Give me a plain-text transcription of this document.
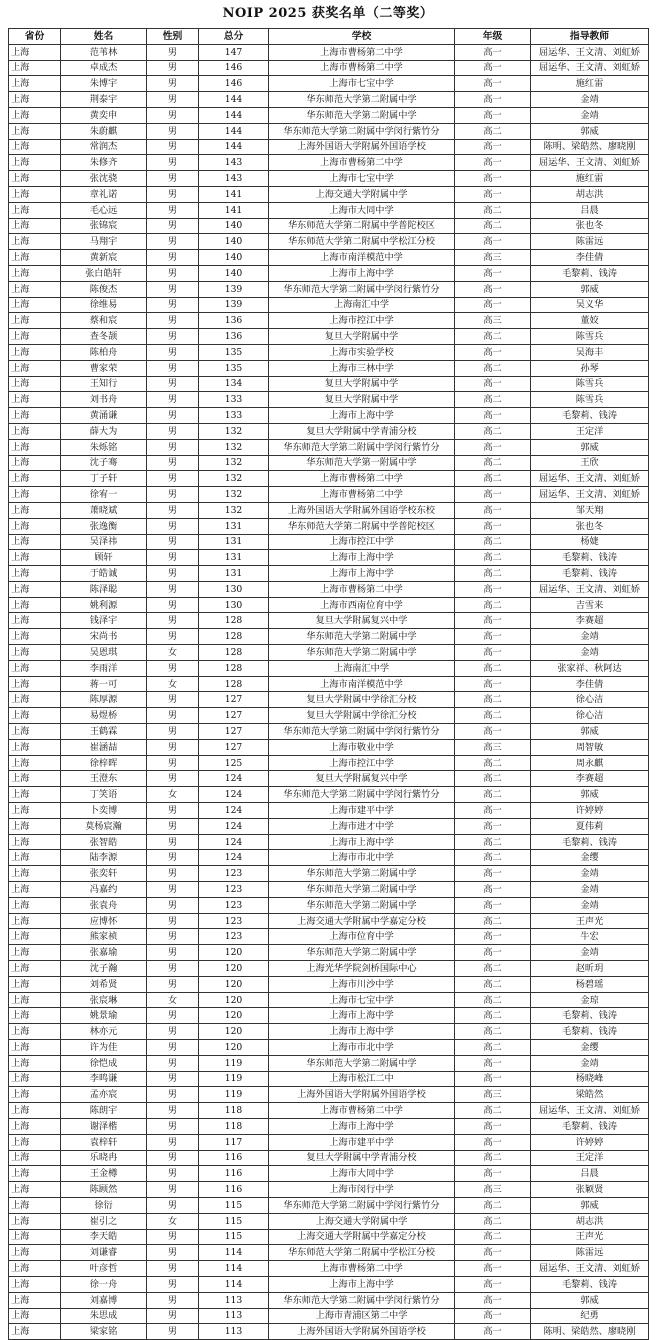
NOIP 2025 获奖名单（二等奖）
省份	姓名	性别	总分	学校	年级	指导教师
上海	范苇林	男	147	上海市曹杨第二中学	高一	屈运华、王文清、刘虹娇
上海	卓成杰	男	146	上海市曹杨第二中学	高一	屈运华、王文清、刘虹娇
上海	朱博宇	男	146	上海市七宝中学	高一	施红雷
上海	荆泰宇	男	144	华东师范大学第二附属中学	高一	金靖
上海	黄奕申	男	144	华东师范大学第二附属中学	高一	金靖
上海	朱蔚麒	男	144	华东师范大学第二附属中学闵行紫竹分	高二	郭威
上海	常润杰	男	144	上海外国语大学附属外国语学校	高一	陈明、梁皓然、廖晓刚
上海	朱修齐	男	143	上海市曹杨第二中学	高一	屈运华、王文清、刘虹娇
上海	张沈骁	男	143	上海市七宝中学	高一	施红雷
上海	章礼诺	男	141	上海交通大学附属中学	高一	胡志洪
上海	毛心远	男	141	上海市大同中学	高二	吕晨
上海	张锦宸	男	140	华东师范大学第二附属中学普陀校区	高二	张也冬
上海	马翔宇	男	140	华东师范大学第二附属中学松江分校	高一	陈雷远
上海	黄新宸	男	140	上海市南洋模范中学	高三	李佳倩
上海	张白皓轩	男	140	上海市上海中学	高一	毛黎莉、钱涛
上海	陈俊杰	男	139	华东师范大学第二附属中学闵行紫竹分	高一	郭威
上海	徐维易	男	139	上海南汇中学	高一	吴义华
上海	蔡和宸	男	136	上海市控江中学	高三	董姣
上海	查冬颉	男	136	复旦大学附属中学	高二	陈雪兵
上海	陈柏舟	男	135	上海市实验学校	高一	吴海丰
上海	曹家荣	男	135	上海市三林中学	高二	孙琴
上海	王知行	男	134	复旦大学附属中学	高一	陈雪兵
上海	刘书舟	男	133	复旦大学附属中学	高二	陈雪兵
上海	黄涌谦	男	133	上海市上海中学	高一	毛黎莉、钱涛
上海	薛大为	男	132	复旦大学附属中学青浦分校	高二	王定洋
上海	朱烁铭	男	132	华东师范大学第二附属中学闵行紫竹分	高一	郭威
上海	沈子骞	男	132	华东师范大学第一附属中学	高二	王欣
上海	丁子轩	男	132	上海市曹杨第二中学	高二	屈运华、王文清、刘虹娇
上海	徐宥一	男	132	上海市曹杨第二中学	高一	屈运华、王文清、刘虹娇
上海	萧晓斌	男	132	上海外国语大学附属外国语学校东校	高一	邹天翔
上海	张逸衡	男	131	华东师范大学第二附属中学普陀校区	高一	张也冬
上海	吴泽祎	男	131	上海市控江中学	高二	杨婕
上海	顾轩	男	131	上海市上海中学	高二	毛黎莉、钱涛
上海	于皓诚	男	131	上海市上海中学	高二	毛黎莉、钱涛
上海	陈泽聪	男	130	上海市曹杨第二中学	高一	屈运华、王文清、刘虹娇
上海	姚利源	男	130	上海市西南位育中学	高二	吉雪来
上海	钱泽宇	男	128	复旦大学附属复兴中学	高一	李赛超
上海	宋尚书	男	128	华东师范大学第二附属中学	高一	金靖
上海	吴恩琪	女	128	华东师范大学第二附属中学	高一	金靖
上海	李雨洋	男	128	上海南汇中学	高二	张家祥、秋阿达
上海	蒋一可	女	128	上海市南洋模范中学	高一	李佳倩
上海	陈厚源	男	127	复旦大学附属中学徐汇分校	高二	徐心洁
上海	易煜桥	男	127	复旦大学附属中学徐汇分校	高二	徐心洁
上海	王鹤霖	男	127	华东师范大学第二附属中学闵行紫竹分	高一	郭威
上海	崔涵喆	男	127	上海市敬业中学	高三	周智敏
上海	徐梓晖	男	125	上海市控江中学	高二	周永麒
上海	王澄东	男	124	复旦大学附属复兴中学	高二	李赛超
上海	丁笑语	女	124	华东师范大学第二附属中学闵行紫竹分	高二	郭威
上海	卜奕博	男	124	上海市建平中学	高一	许婷婷
上海	莫杨宸瀚	男	124	上海市进才中学	高一	夏伟莉
上海	张智皓	男	124	上海市上海中学	高二	毛黎莉、钱涛
上海	陆李源	男	124	上海市市北中学	高二	金缨
上海	张奕轩	男	123	华东师范大学第二附属中学	高一	金靖
上海	冯嘉约	男	123	华东师范大学第二附属中学	高一	金靖
上海	张袁舟	男	123	华东师范大学第二附属中学	高一	金靖
上海	应博怀	男	123	上海交通大学附属中学嘉定分校	高二	王声光
上海	熊家祯	男	123	上海市位育中学	高一	牛宏
上海	张嘉瑜	男	120	华东师范大学第二附属中学	高一	金靖
上海	沈子瀚	男	120	上海光华学院剑桥国际中心	高二	赵昕玥
上海	刘希贤	男	120	上海市川沙中学	高二	杨碧瑶
上海	张宸琳	女	120	上海市七宝中学	高二	金琼
上海	姚景瑜	男	120	上海市上海中学	高二	毛黎莉、钱涛
上海	林亦元	男	120	上海市上海中学	高二	毛黎莉、钱涛
上海	许为佳	男	120	上海市市北中学	高二	金缨
上海	徐恺成	男	119	华东师范大学第二附属中学	高一	金靖
上海	李鸣谦	男	119	上海市松江二中	高一	杨晓峰
上海	孟亦宸	男	119	上海外国语大学附属外国语学校	高三	梁皓然
上海	陈朗宇	男	118	上海市曹杨第二中学	高二	屈运华、王文清、刘虹娇
上海	谢泽楷	男	118	上海市上海中学	高一	毛黎莉、钱涛
上海	袁梓轩	男	117	上海市建平中学	高一	许婷婷
上海	乐晓冉	男	116	复旦大学附属中学青浦分校	高二	王定洋
上海	王金樽	男	116	上海市大同中学	高一	吕晨
上海	陈顾然	男	116	上海市闵行中学	高三	张颖贤
上海	徐衍	男	115	华东师范大学第二附属中学闵行紫竹分	高二	郭威
上海	崔引之	女	115	上海交通大学附属中学	高二	胡志洪
上海	李天皓	男	115	上海交通大学附属中学嘉定分校	高二	王声光
上海	刘谦睿	男	114	华东师范大学第二附属中学松江分校	高一	陈雷远
上海	叶彦哲	男	114	上海市曹杨第二中学	高一	屈运华、王文清、刘虹娇
上海	徐一舟	男	114	上海市上海中学	高一	毛黎莉、钱涛
上海	刘嘉博	男	113	华东师范大学第二附属中学闵行紫竹分	高一	郭威
上海	朱思成	男	113	上海市青浦区第二中学	高一	纪勇
上海	梁家铭	男	113	上海外国语大学附属外国语学校	高一	陈明、梁皓然、廖晓刚
